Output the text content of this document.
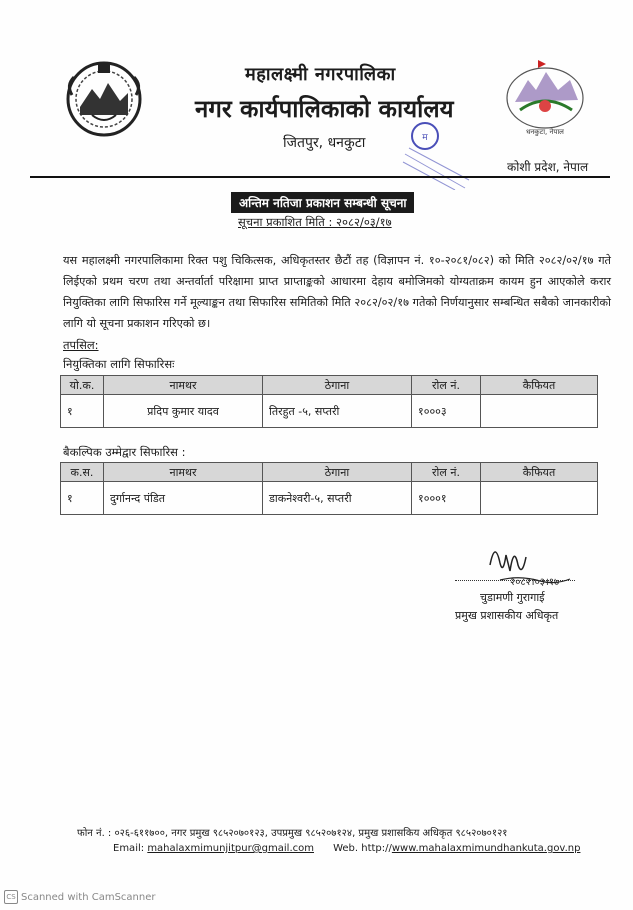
महालक्ष्मी नगरपालिका
नगर कार्यपालिकाको कार्यालय
जितपुर, धनकुटा
धनकुटा, नेपाल
कोशी प्रदेश, नेपाल
म
अन्तिम नतिजा प्रकाशन सम्बन्धी सूचना
सूचना प्रकाशित मिति : २०८२/०३/१७
यस महालक्ष्मी नगरपालिकामा रिक्त पशु चिकित्सक, अधिकृतस्तर छैटौं तह (विज्ञापन नं. १०-२०८१/०८२) को मिति २०८२/०२/१७ गते लिईएको प्रथम चरण तथा अन्तर्वार्ता परिक्षामा प्राप्त प्राप्ताङ्कको आधारमा देहाय बमोजिमको योग्यताक्रम कायम हुन आएकोले करार नियुक्तिका लागि सिफारिस गर्ने मूल्याङ्कन तथा सिफारिस समितिको मिति २०८२/०२/१७ गतेको निर्णयानुसार सम्बन्धित सबैको जानकारीको लागि यो सूचना प्रकाशन गरिएको छ।
तपसिल:
नियुक्तिका लागि सिफारिसः
यो.क.	नामथर	ठेगाना	रोल नं.	कैफियत
१	प्रदिप कुमार यादव	तिरहुत -५, सप्तरी	१०००३	
बैकल्पिक उम्मेद्वार सिफारिस :
क.स.	नामथर	ठेगाना	रोल नं.	कैफियत
१	दुर्गानन्द पंडित	डाकनेश्वरी-५, सप्तरी	१०००१	
२०८२।०३।१७
चुडामणी गुरागाई
प्रमुख प्रशासकीय अधिकृत
फोन नं. : ०२६-६११७००, नगर प्रमुख ९८५२०७०१२३, उपप्रमुख ९८५२०७१२४, प्रमुख प्रशासकिय अधिकृत ९८५२०७०१२१
Email: mahalaxmimunjitpur@gmail.com Web. http://www.mahalaxmimundhankuta.gov.np
CS Scanned with CamScanner
